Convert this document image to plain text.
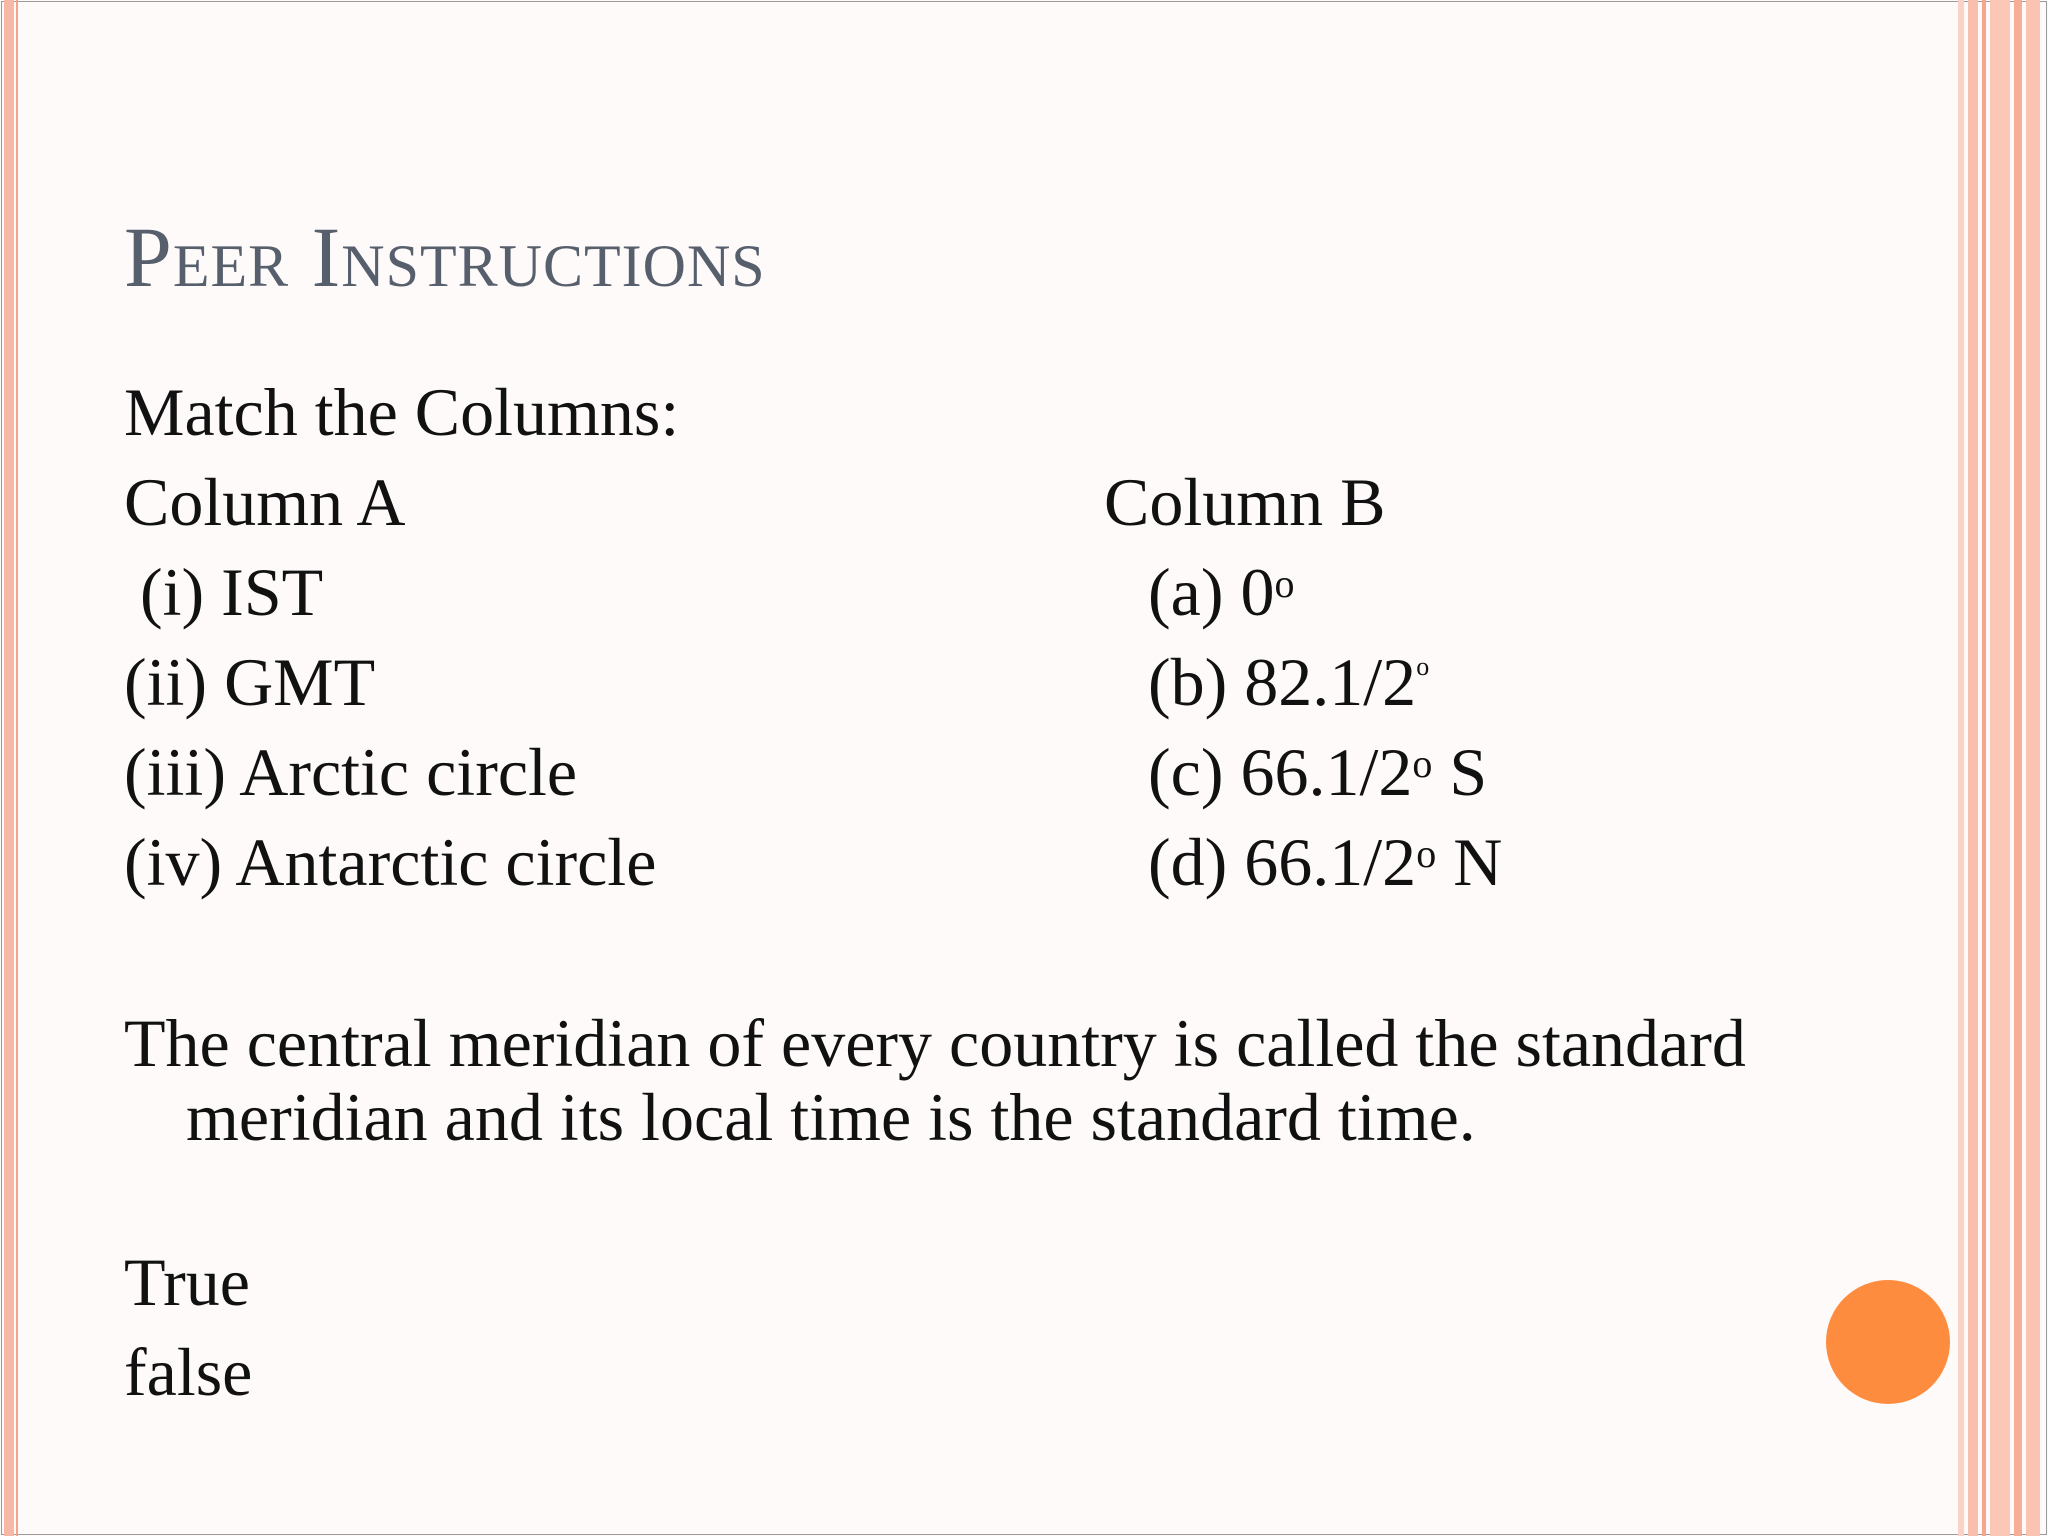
Peer Instructions
Match the Columns:
Column A	Column B
(i) IST
(ii) GMT
(iii) Arctic circle
(iv) Antarctic circle
(a) 0$^o$
(b) 82.1/2$^o$
(c) 66.1/2$^o$ S
(d) 66.1/2$^o$ N

The central meridian of every country is called the standard meridian and its local time is the standard time.

True
false
